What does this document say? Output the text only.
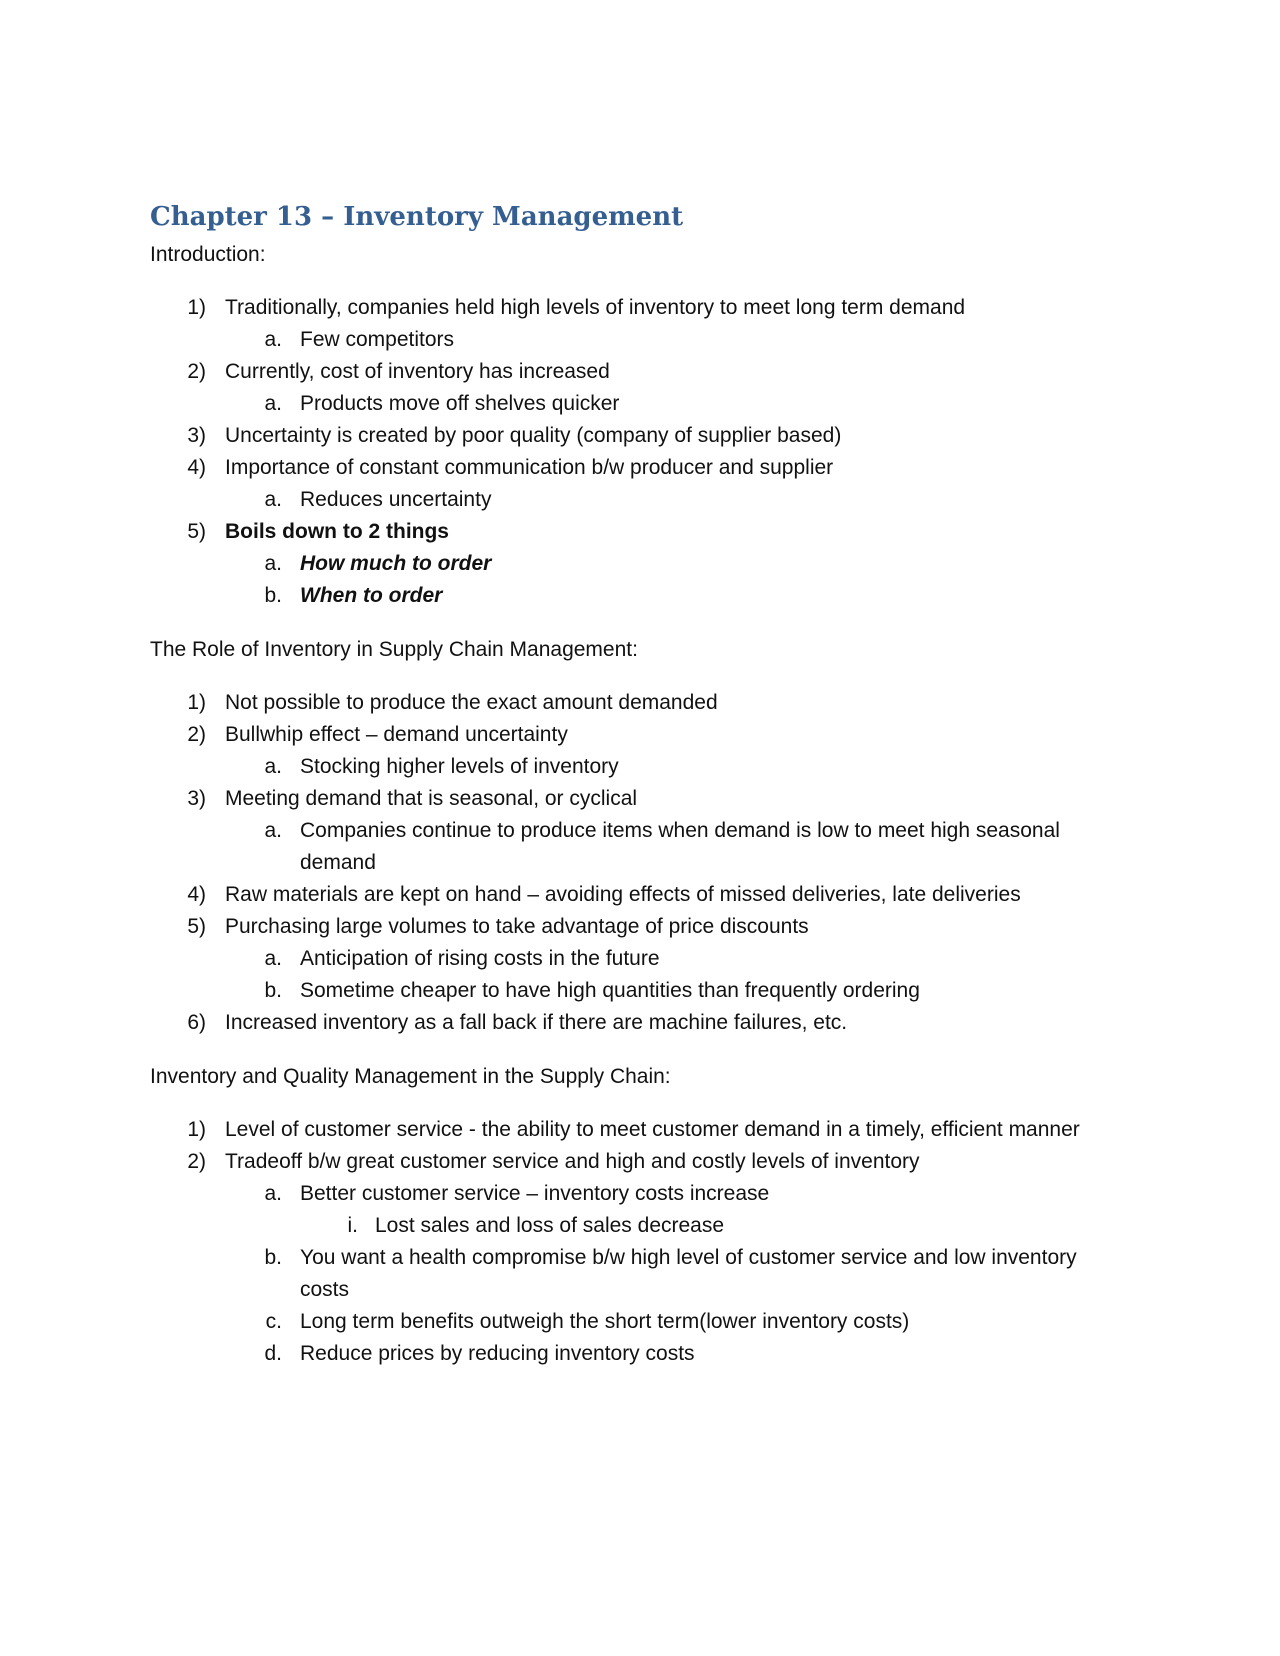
Chapter 13 – Inventory Management

Introduction:

1) Traditionally, companies held high levels of inventory to meet long term demand
a. Few competitors
2) Currently, cost of inventory has increased
a. Products move off shelves quicker
3) Uncertainty is created by poor quality (company of supplier based)
4) Importance of constant communication b/w producer and supplier
a. Reduces uncertainty
5) Boils down to 2 things
a. How much to order
b. When to order

The Role of Inventory in Supply Chain Management:

1) Not possible to produce the exact amount demanded
2) Bullwhip effect – demand uncertainty
a. Stocking higher levels of inventory
3) Meeting demand that is seasonal, or cyclical
a. Companies continue to produce items when demand is low to meet high seasonal
demand
4) Raw materials are kept on hand – avoiding effects of missed deliveries, late deliveries
5) Purchasing large volumes to take advantage of price discounts
a. Anticipation of rising costs in the future
b. Sometime cheaper to have high quantities than frequently ordering
6) Increased inventory as a fall back if there are machine failures, etc.

Inventory and Quality Management in the Supply Chain:

1) Level of customer service - the ability to meet customer demand in a timely, efficient manner
2) Tradeoff b/w great customer service and high and costly levels of inventory
a. Better customer service – inventory costs increase
i. Lost sales and loss of sales decrease
b. You want a health compromise b/w high level of customer service and low inventory
costs
c. Long term benefits outweigh the short term(lower inventory costs)
d. Reduce prices by reducing inventory costs
